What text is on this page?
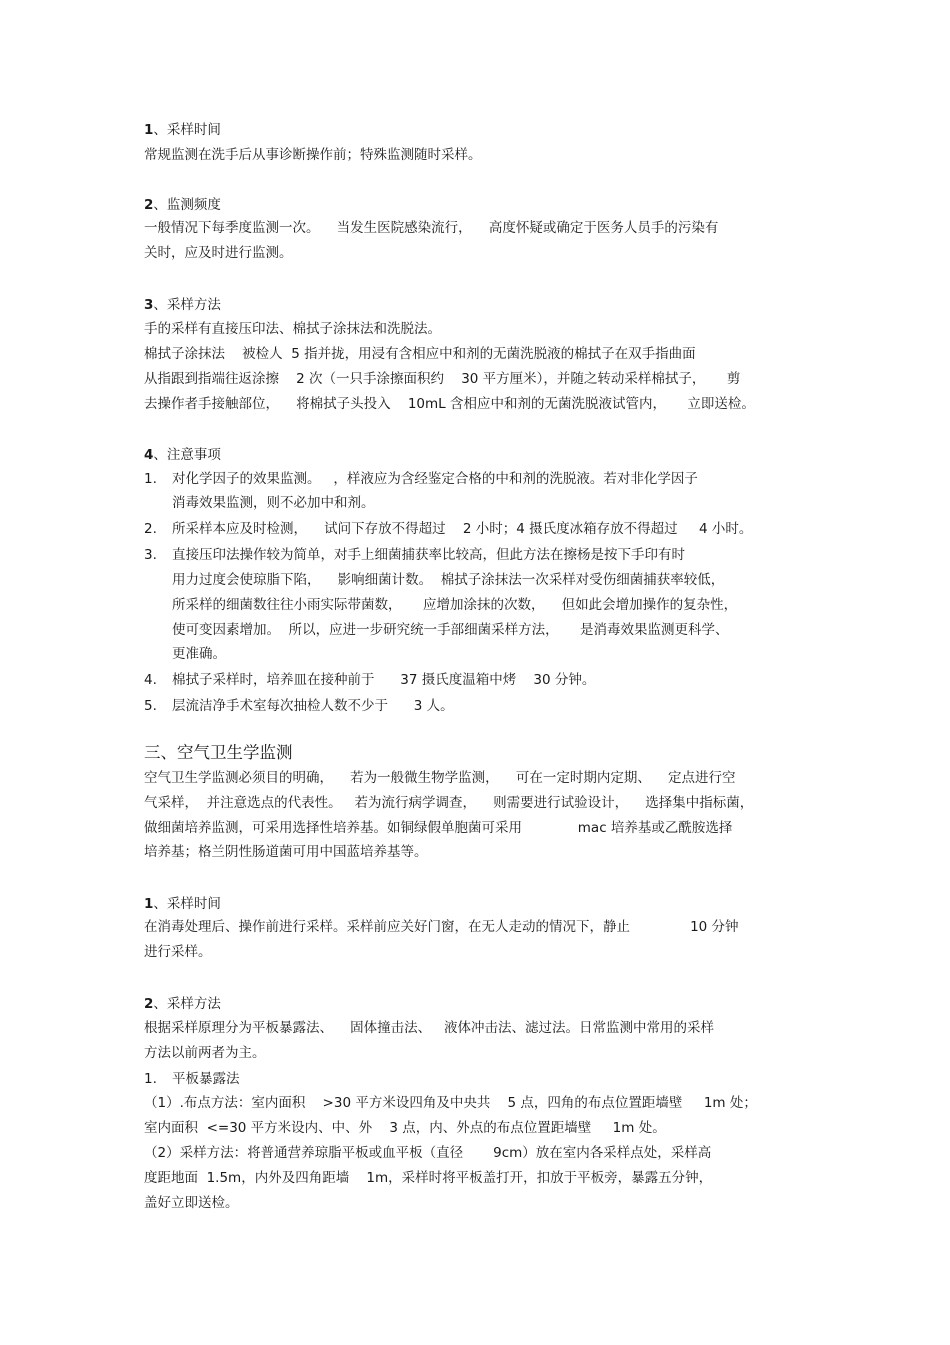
1、采样时间
常规监测在洗手后从事诊断操作前；特殊监测随时采样。
2、监测频度
一般情况下每季度监测一次。    当发生医院感染流行，    高度怀疑或确定于医务人员手的污染有
关时，应及时进行监测。
3、采样方法
手的采样有直接压印法、棉拭子涂抹法和洗脱法。
棉拭子涂抹法    被检人  5 指并拢，用浸有含相应中和剂的无菌洗脱液的棉拭子在双手指曲面
从指跟到指端往返涂擦    2 次（一只手涂擦面积约    30 平方厘米），并随之转动采样棉拭子，     剪
去操作者手接触部位，    将棉拭子头投入    10mL 含相应中和剂的无菌洗脱液试管内，     立即送检。
4、注意事项
1. 对化学因子的效果监测。   ，样液应为含经鉴定合格的中和剂的洗脱液。若对非化学因子
消毒效果监测，则不必加中和剂。
2. 所采样本应及时检测，    试问下存放不得超过    2 小时；4 摄氏度冰箱存放不得超过     4 小时。
3. 直接压印法操作较为简单，对手上细菌捕获率比较高，但此方法在擦杨是按下手印有时
用力过度会使琼脂下陷，    影响细菌计数。  棉拭子涂抹法一次采样对受伤细菌捕获率较低，
所采样的细菌数往往小雨实际带菌数，     应增加涂抹的次数，    但如此会增加操作的复杂性，
使可变因素增加。  所以，应进一步研究统一手部细菌采样方法，     是消毒效果监测更科学、
更准确。
4. 棉拭子采样时，培养皿在接种前于      37 摄氏度温箱中烤    30 分钟。
5. 层流洁净手术室每次抽检人数不少于      3 人。
三、空气卫生学监测
空气卫生学监测必须目的明确，    若为一般微生物学监测，    可在一定时期内定期、    定点进行空
气采样，  并注意选点的代表性。   若为流行病学调查，    则需要进行试验设计，    选择集中指标菌，
做细菌培养监测，可采用选择性培养基。如铜绿假单胞菌可采用             mac 培养基或乙酰胺选择
培养基；格兰阴性肠道菌可用中国蓝培养基等。
1、采样时间
在消毒处理后、操作前进行采样。采样前应关好门窗，在无人走动的情况下，静止              10 分钟
进行采样。
2、采样方法
根据采样原理分为平板暴露法、    固体撞击法、   液体冲击法、滤过法。日常监测中常用的采样
方法以前两者为主。
1. 平板暴露法
（1）.布点方法：室内面积    >30 平方米设四角及中央共    5 点，四角的布点位置距墙壁     1m 处；
室内面积  <=30 平方米设内、中、外    3 点，内、外点的布点位置距墙壁     1m 处。
（2）采样方法：将普通营养琼脂平板或血平板（直径       9cm）放在室内各采样点处，采样高
度距地面  1.5m，内外及四角距墙    1m，采样时将平板盖打开，扣放于平板旁，暴露五分钟，
盖好立即送检。
